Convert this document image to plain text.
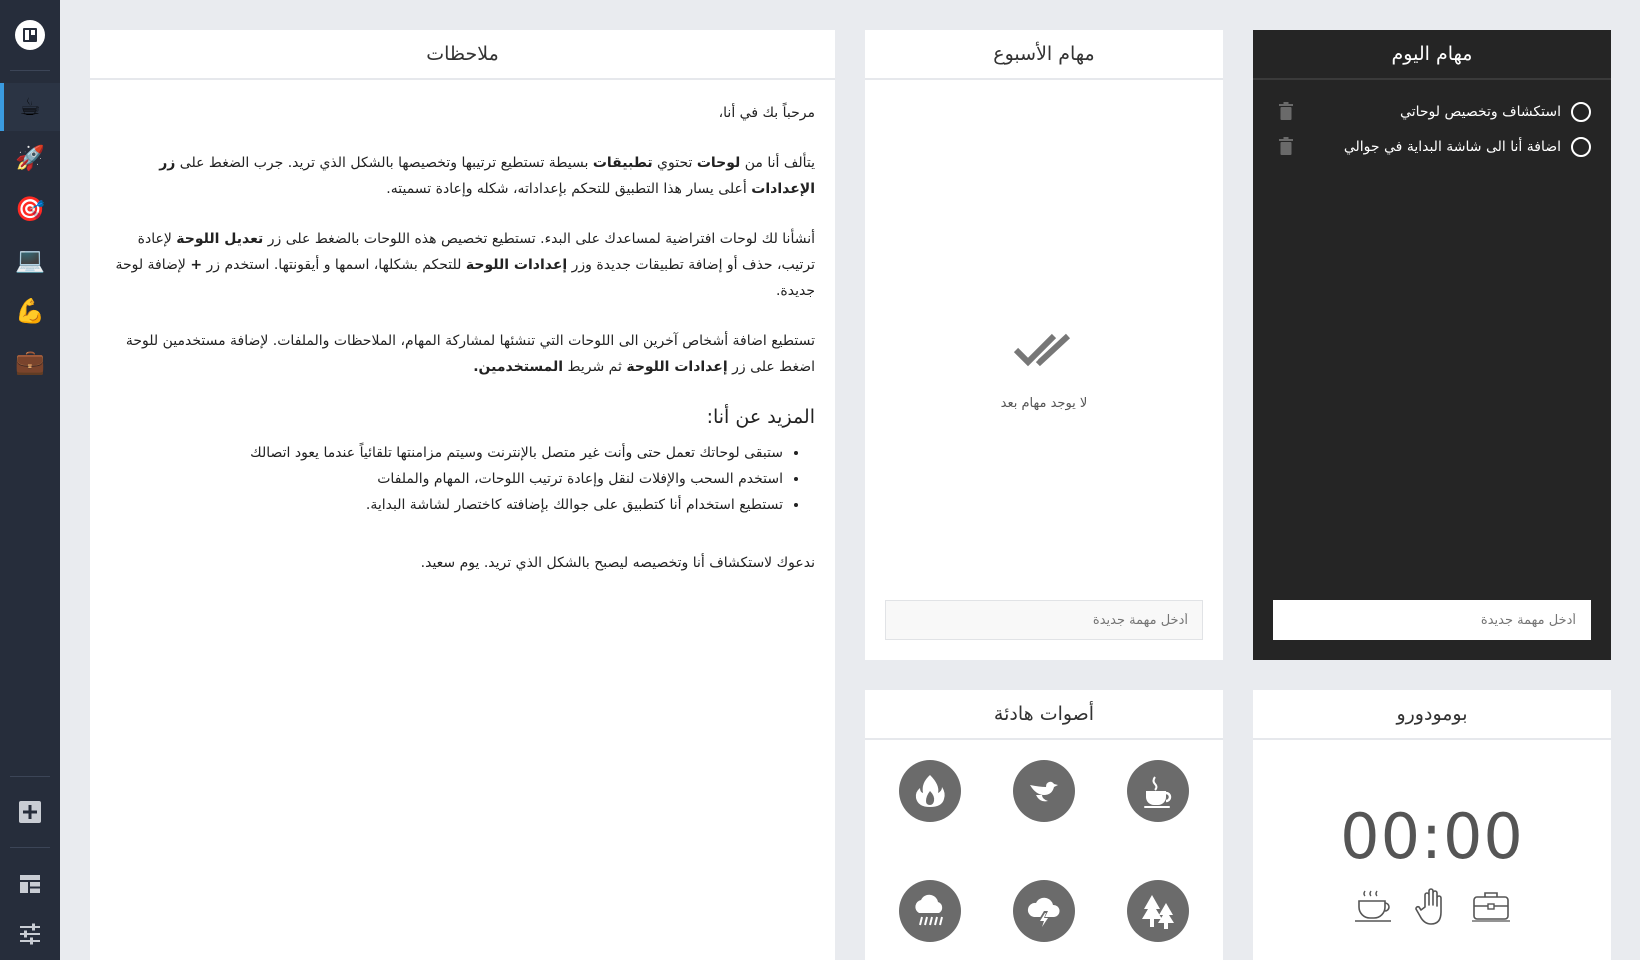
☕
🚀
🎯
💻
💪
💼
ملاحظات

مرحباً بك في أنا،

يتألف أنا من لوحات تحتوي تطبيقات بسيطة تستطيع ترتيبها وتخصيصها بالشكل الذي تريد. جرب الضغط على زر الإعدادات أعلى يسار هذا التطبيق للتحكم بإعداداته، شكله وإعادة تسميته.

أنشأنا لك لوحات افتراضية لمساعدك على البدء. تستطيع تخصيص هذه اللوحات بالضغط على زر تعديل اللوحة لإعادة ترتيب، حذف أو إضافة تطبيقات جديدة وزر إعدادات اللوحة للتحكم بشكلها، اسمها و أيقونتها. استخدم زر + لإضافة لوحة جديدة.

تستطيع اضافة أشخاص آخرين الى اللوحات التي تنشئها لمشاركة المهام، الملاحظات والملفات. لإضافة مستخدمين للوحة اضغط على زر إعدادات اللوحة ثم شريط المستخدمين.

المزيد عن أنا:
• ستبقى لوحاتك تعمل حتى وأنت غير متصل بالإنترنت وسيتم مزامنتها تلقائياً عندما يعود اتصالك
• استخدم السحب والإفلات لنقل وإعادة ترتيب اللوحات، المهام والملفات
• تستطيع استخدام أنا كتطبيق على جوالك بإضافته كاختصار لشاشة البداية.

ندعوك لاستكشاف أنا وتخصيصه ليصبح بالشكل الذي تريد. يوم سعيد.

مهام الأسبوع
لا يوجد مهام بعد
أدخل مهمة جديدة
مهام اليوم
استكشاف وتخصيص لوحاتي
اضافة أنا الى شاشة البداية في جوالي
أدخل مهمة جديدة
أصوات هادئة	بومودورو
00:00
